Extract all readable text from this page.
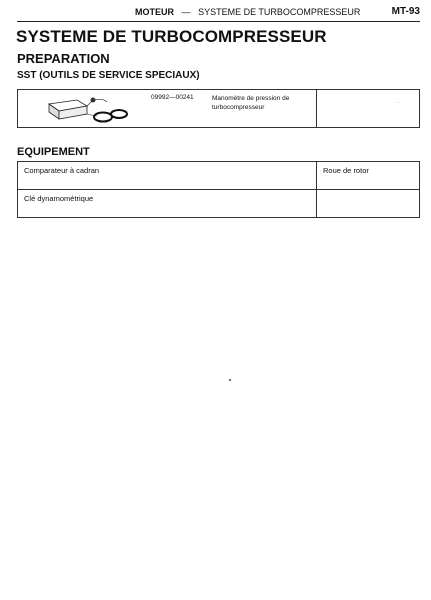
MOTEUR — SYSTEME DE TURBOCOMPRESSEUR	MT-93
SYSTEME DE TURBOCOMPRESSEUR
PREPARATION
SST (OUTILS DE SERVICE SPECIAUX)
09992—00241	Manomètre de pression de
turbocompresseur
· ·
EQUIPEMENT
Comparateur à cadran	Roue de rotor
Clé dynamométrique
